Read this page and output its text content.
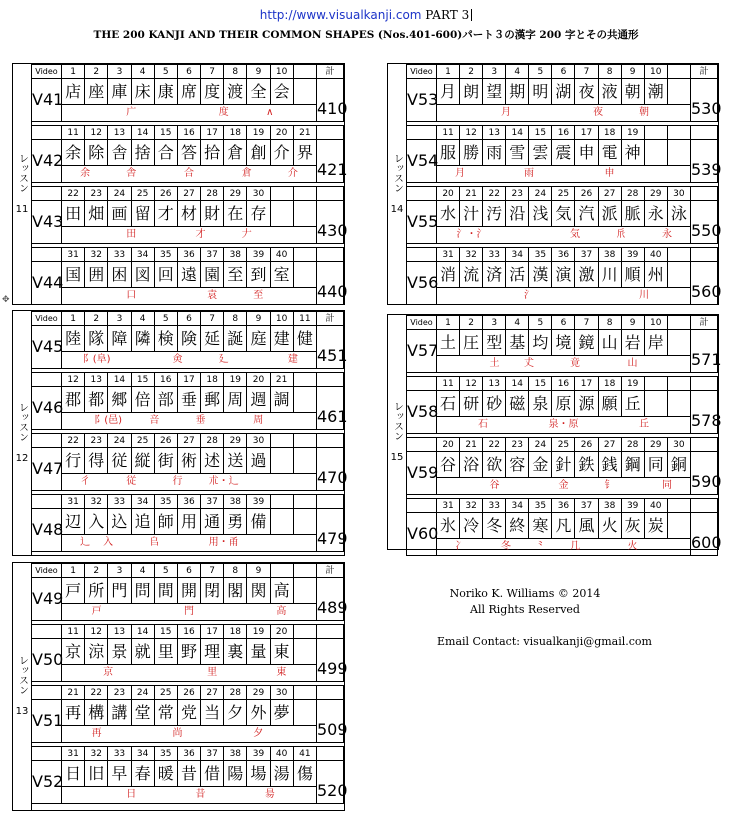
http://www.visualkanji.com PART 3
THE 200 KANJI AND THEIR COMMON SHAPES (Nos.401-600)パート３の漢字 200 字とその共通形
✥
レッスン
11
Video	1	2	3	4	5	6	7	8	9	10		計
V41	店	座	庫	床	康	席	度	渡	全	会		410

	广 度 ∧											

	11	12	13	14	15	16	17	18	19	20	21	
V42	余	除	舎	捨	合	答	拾	倉	創	介	界	421

	余 舎 合 倉 介											

	22	23	24	25	26	27	28	29	30			
V43	田	畑	画	留	才	材	財	在	存			430

	田 才 𠂇											

	31	32	33	34	35	36	37	38	39	40		
V44	国	囲	困	図	回	遠	園	至	到	室		440

	口 袁 至											
レッスン
12
Video	1	2	3	4	5	6	7	8	9	10	11	計
V45	陸	隊	障	隣	検	険	延	誕	庭	建	健	451

	阝(阜) 㑒 廴 建											

	12	13	14	15	16	17	18	19	20	21		
V46	郡	都	郷	倍	部	垂	郵	周	週	調		461

	阝(邑) 咅 垂 周											

	22	23	24	25	26	27	28	29	30			
V47	行	得	従	縦	街	術	述	送	過			470

	彳 従 行 朮・辶											

	31	32	33	34	35	36	37	38	39			
V48	辺	入	込	追	師	用	通	勇	備			479

	辶 入 𠂤 用・甬											
レッスン
13
Video	1	2	3	4	5	6	7	8	9			計
V49	戸	所	門	問	間	開	閉	閣	関	高		489

	戸 門 高											

	11	12	13	14	15	16	17	18	19	20		
V50	京	涼	景	就	里	野	理	裏	量	東		499

	京 里 東											

	21	22	23	24	25	26	27	28	29	30		
V51	再	構	講	堂	常	党	当	夕	外	夢		509

	再 尚 夕											

	31	32	33	34	35	36	37	38	39	40	41	
V52	日	旧	早	春	暖	昔	借	陽	場	湯	傷	520

	日 昔 昜											
レッスン
14
Video	1	2	3	4	5	6	7	8	9	10		計
V53	月	朗	望	期	明	湖	夜	液	朝	潮		530

	月 夜 朝											

	11	12	13	14	15	16	17	18	19			
V54	服	勝	雨	雪	雲	震	申	電	神			539

	月 雨 申											

	20	21	22	23	24	25	26	27	28	29	30	
V55	水	汁	汚	沿	浅	気	汽	派	脈	永	泳	550

	氵・⺡ 気 𠂢 永											

	31	32	33	34	35	36	37	38	39	40		
V56	消	流	済	活	漢	演	激	川	順	州		560

	氵 川											
レッスン
15
Video	1	2	3	4	5	6	7	8	9	10		計
V57	土	圧	型	基	均	境	鏡	山	岩	岸		571

	土 𠀋 竟 山											

	11	12	13	14	15	16	17	18	19			
V58	石	研	砂	磁	泉	原	源	願	丘			578

	石 泉・原 丘											

	20	21	22	23	24	25	26	27	28	29	30	
V59	谷	浴	欲	容	金	針	鉄	銭	鋼	同	銅	590

	谷 金 钅 同											

	31	32	33	34	35	36	37	38	39	40		
V60	氷	冷	冬	終	寒	凡	風	火	灰	炭		600

	冫 冬 ⺀ 几 火											
Noriko K. Williams © 2014
All Rights Reserved
Email Contact: visualkanji@gmail.com
